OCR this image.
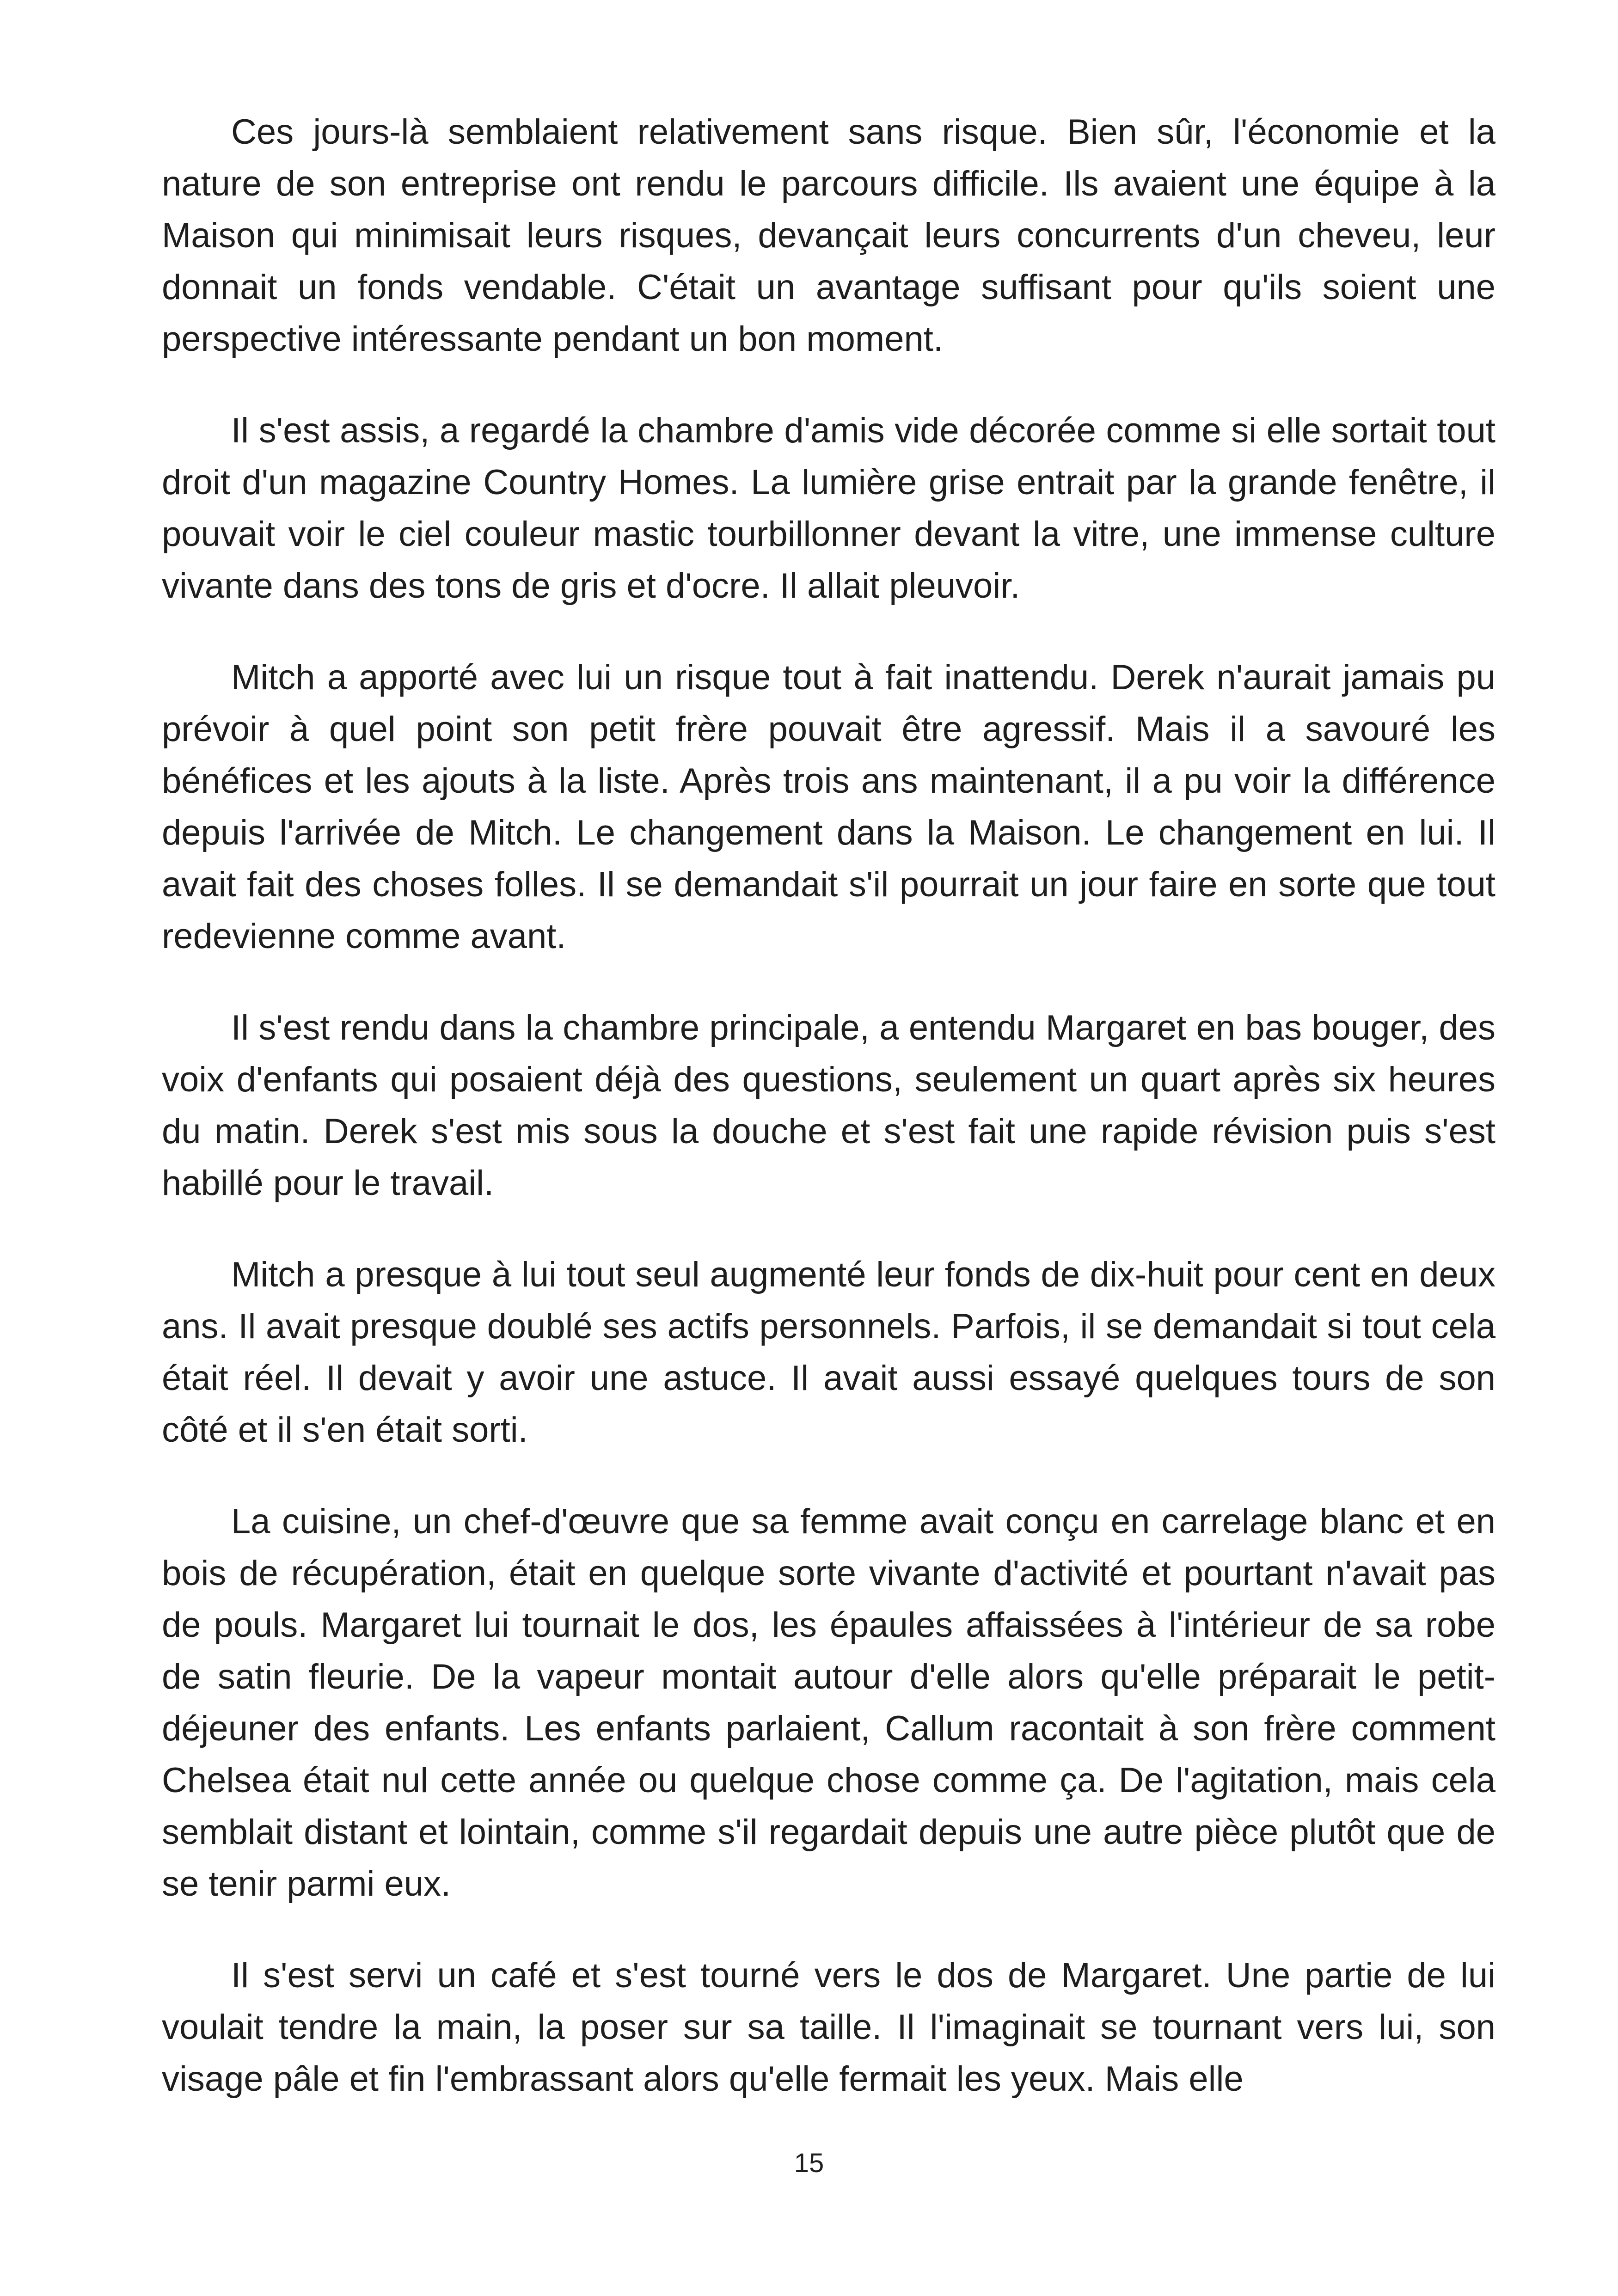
Ces jours-là semblaient relativement sans risque. Bien sûr, l'économie et la nature de son entreprise ont rendu le parcours difficile. Ils avaient une équipe à la Maison qui minimisait leurs risques, devançait leurs concurrents d'un cheveu, leur donnait un fonds vendable. C'était un avantage suffisant pour qu'ils soient une perspective intéressante pendant un bon moment.

Il s'est assis, a regardé la chambre d'amis vide décorée comme si elle sortait tout droit d'un magazine Country Homes. La lumière grise entrait par la grande fenêtre, il pouvait voir le ciel couleur mastic tourbillonner devant la vitre, une immense culture vivante dans des tons de gris et d'ocre. Il allait pleuvoir.

Mitch a apporté avec lui un risque tout à fait inattendu. Derek n'aurait jamais pu prévoir à quel point son petit frère pouvait être agressif. Mais il a savouré les bénéfices et les ajouts à la liste. Après trois ans maintenant, il a pu voir la différence depuis l'arrivée de Mitch. Le changement dans la Maison. Le changement en lui. Il avait fait des choses folles. Il se demandait s'il pourrait un jour faire en sorte que tout redevienne comme avant.

Il s'est rendu dans la chambre principale, a entendu Margaret en bas bouger, des voix d'enfants qui posaient déjà des questions, seulement un quart après six heures du matin. Derek s'est mis sous la douche et s'est fait une rapide révision puis s'est habillé pour le travail.

Mitch a presque à lui tout seul augmenté leur fonds de dix-huit pour cent en deux ans. Il avait presque doublé ses actifs personnels. Parfois, il se demandait si tout cela était réel. Il devait y avoir une astuce. Il avait aussi essayé quelques tours de son côté et il s'en était sorti.

La cuisine, un chef-d'œuvre que sa femme avait conçu en carrelage blanc et en bois de récupération, était en quelque sorte vivante d'activité et pourtant n'avait pas de pouls. Margaret lui tournait le dos, les épaules affaissées à l'intérieur de sa robe de satin fleurie. De la vapeur montait autour d'elle alors qu'elle préparait le petit-déjeuner des enfants. Les enfants parlaient, Callum racontait à son frère comment Chelsea était nul cette année ou quelque chose comme ça. De l'agitation, mais cela semblait distant et lointain, comme s'il regardait depuis une autre pièce plutôt que de se tenir parmi eux.

Il s'est servi un café et s'est tourné vers le dos de Margaret. Une partie de lui voulait tendre la main, la poser sur sa taille. Il l'imaginait se tournant vers lui, son visage pâle et fin l'embrassant alors qu'elle fermait les yeux. Mais elle

15
